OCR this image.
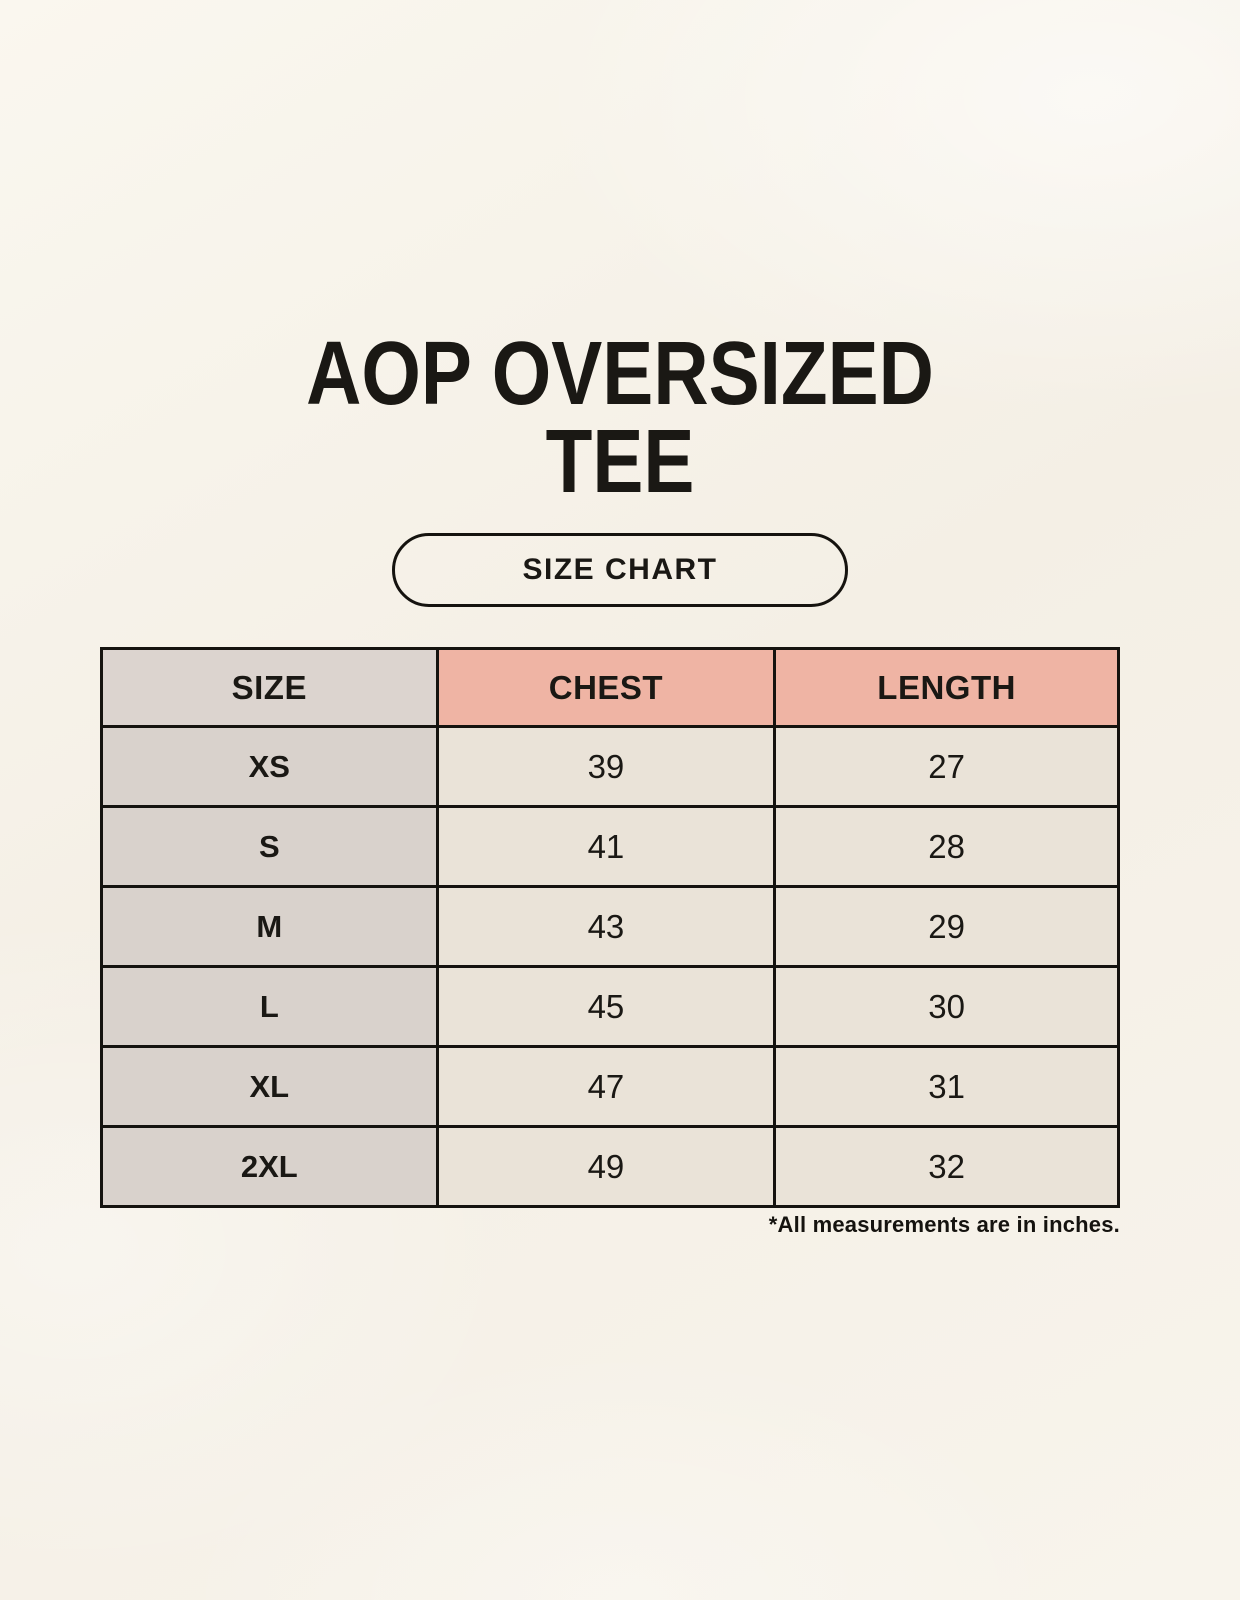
AOP OVERSIZED
TEE
SIZE CHART
SIZE	CHEST	LENGTH
XS	39	27
S	41	28
M	43	29
L	45	30
XL	47	31
2XL	49	32
*All measurements are in inches.
